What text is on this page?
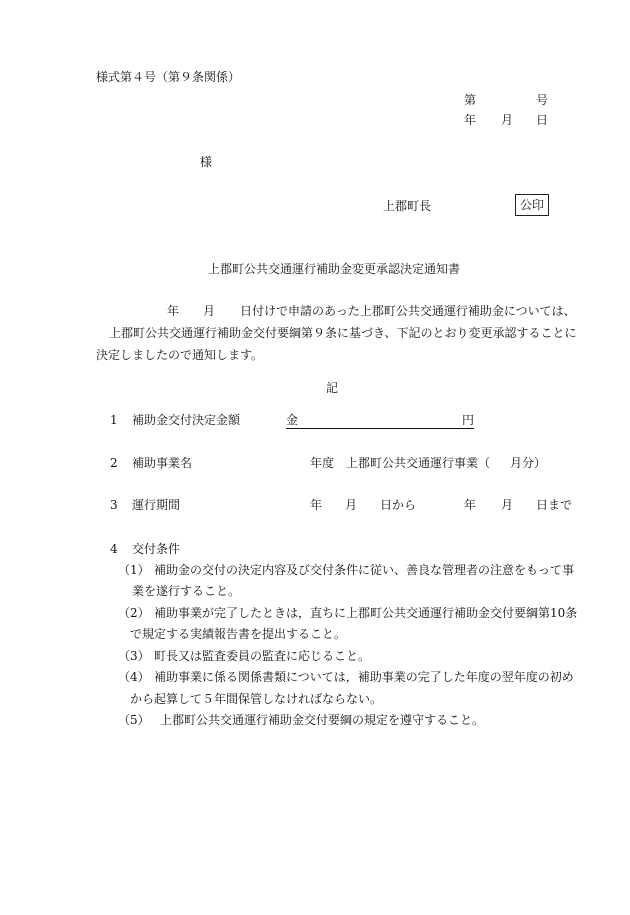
様式第４号（第９条関係）
第	号
年 月 日
様
上郡町長	公印
上郡町公共交通運行補助金変更承認決定通知書
年 月 日付けで申請のあった上郡町公共交通運行補助金については、
上郡町公共交通運行補助金交付要綱第９条に基づき、下記のとおり変更承認することに
決定しましたので通知します。
記
1 補助金交付決定金額	金	円
2 補助事業名	年度　上郡町公共交通運行事業（ 月分）
3 運行期間	年 月 日から	年 月 日まで
4 交付条件
（1） 補助金の交付の決定内容及び交付条件に従い、善良な管理者の注意をもって事
業を遂行すること。
（2） 補助事業が完了したときは，直ちに上郡町公共交通運行補助金交付要綱第10条
で規定する実績報告書を提出すること。
（3） 町長又は監査委員の監査に応じること。
（4） 補助事業に係る関係書類については，補助事業の完了した年度の翌年度の初め
から起算して５年間保管しなければならない。
（5） 上郡町公共交通運行補助金交付要綱の規定を遵守すること。
